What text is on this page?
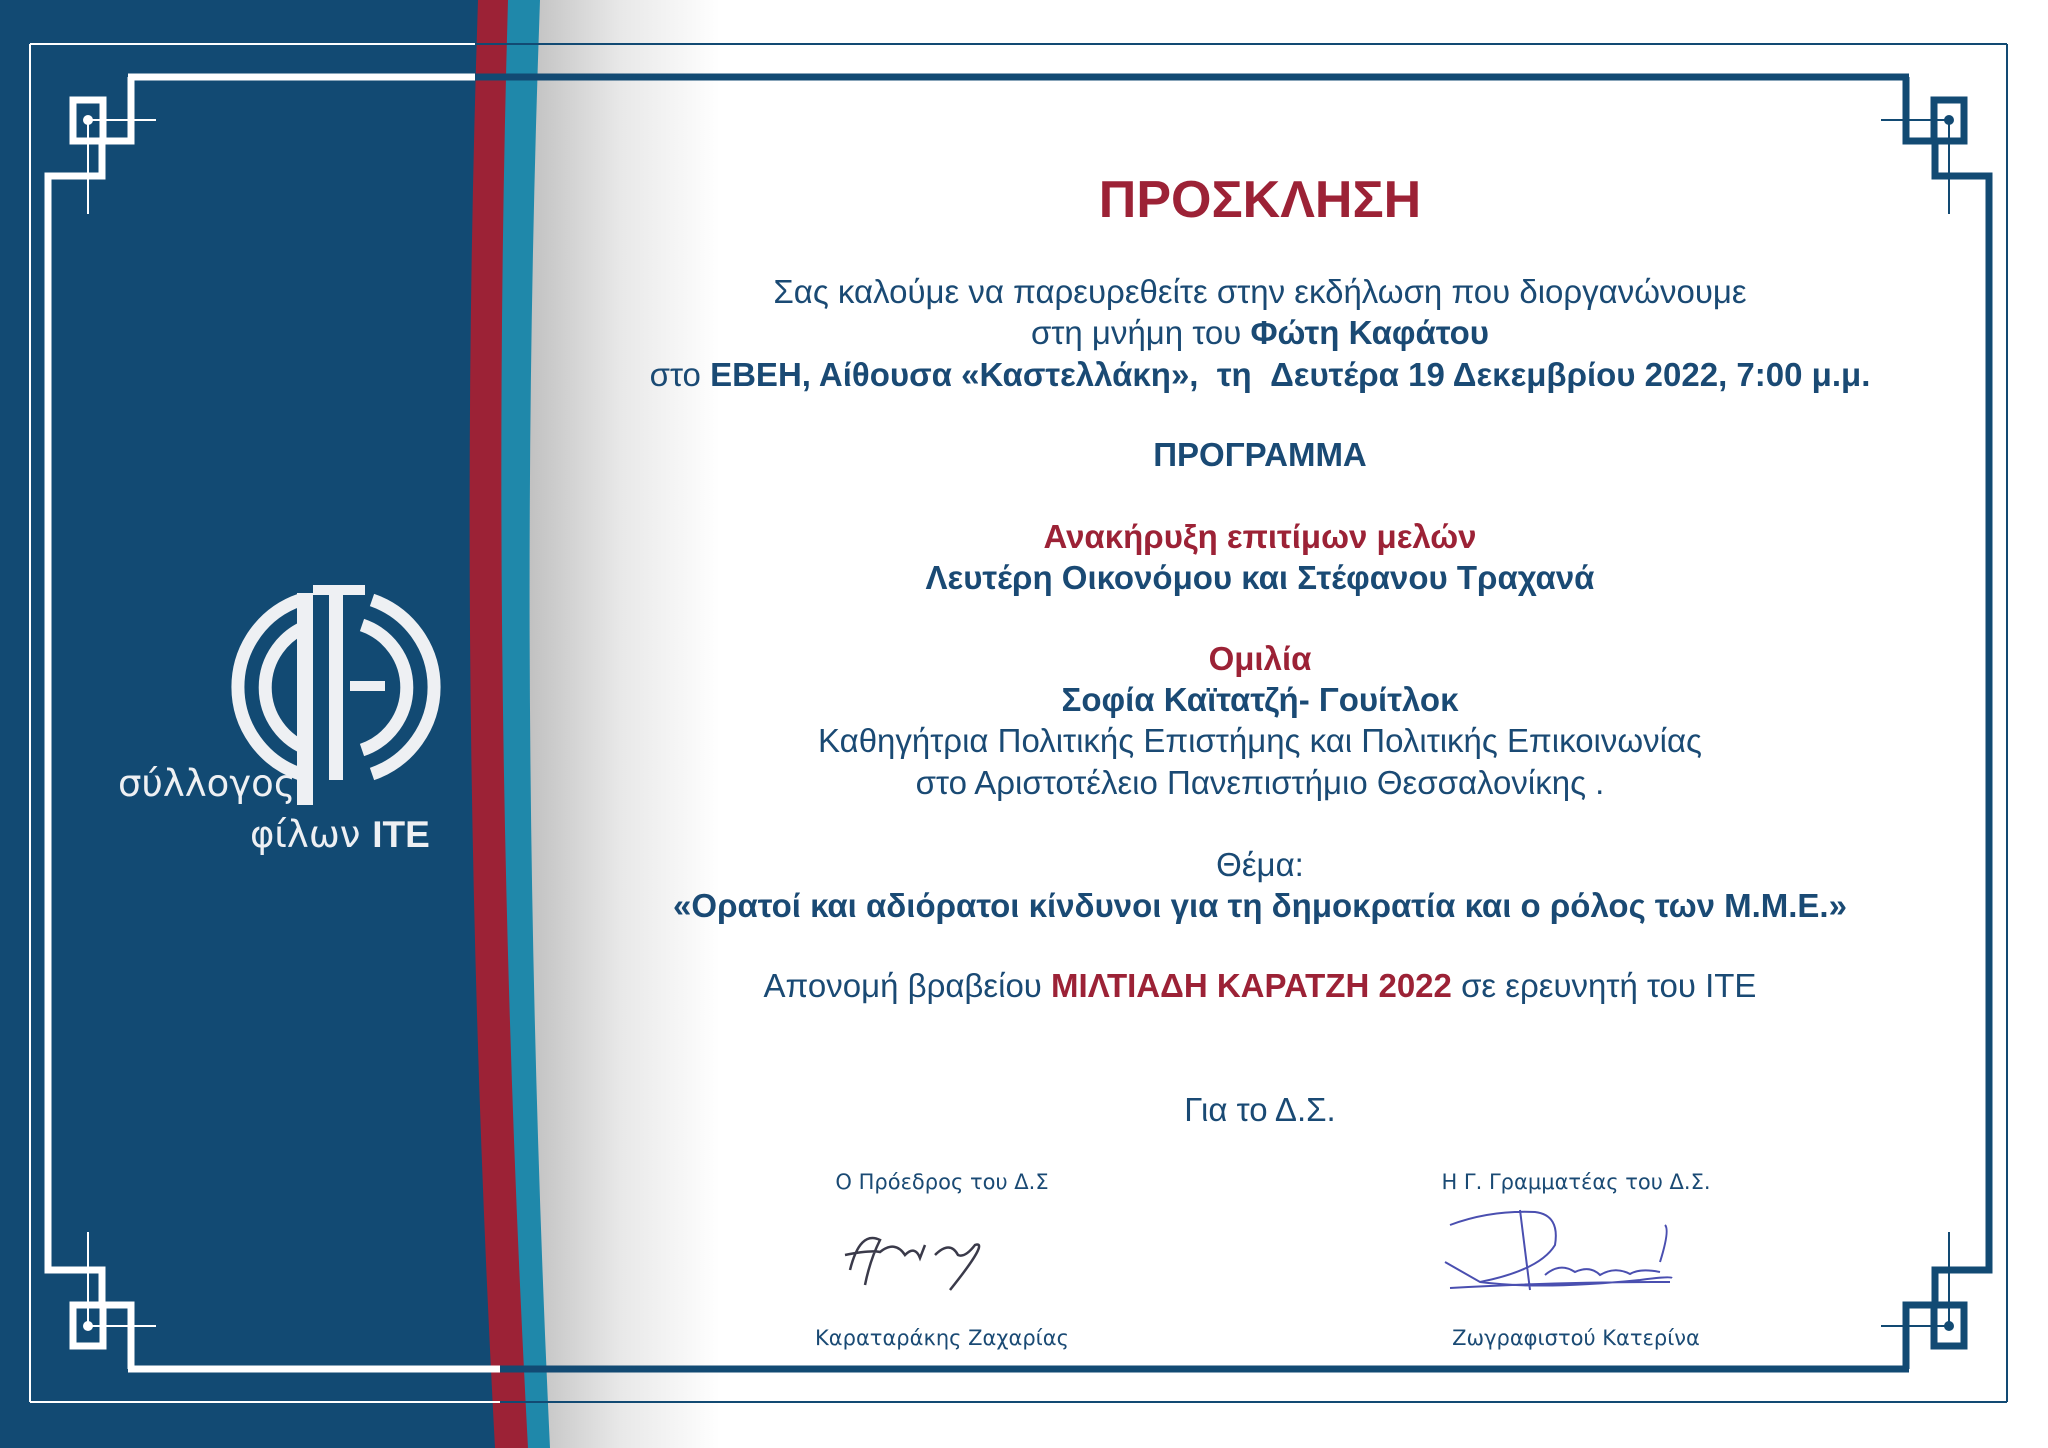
σύλλογος
φίλων ITE
ΠΡΟΣΚΛΗΣΗ
Σας καλούμε να παρευρεθείτε στην εκδήλωση που διοργανώνουμε
στη μνήμη του Φώτη Καφάτου
στο ΕΒΕΗ, Αίθουσα «Καστελλάκη», τη Δευτέρα 19 Δεκεμβρίου 2022, 7:00 μ.μ.
ΠΡΟΓΡΑΜΜΑ
Ανακήρυξη επιτίμων μελών
Λευτέρη Οικονόμου και Στέφανου Τραχανά
Ομιλία
Σοφία Καϊτατζή- Γουίτλοκ
Καθηγήτρια Πολιτικής Επιστήμης και Πολιτικής Επικοινωνίας
στο Αριστοτέλειο Πανεπιστήμιο Θεσσαλονίκης .
Θέμα:
«Ορατοί και αδιόρατοι κίνδυνοι για τη δημοκρατία και ο ρόλος των Μ.Μ.Ε.»
Απονομή βραβείου ΜΙΛΤΙΑΔΗ ΚΑΡΑΤΖΗ 2022 σε ερευνητή του ΙΤΕ
Για το Δ.Σ.
Ο Πρόεδρος του Δ.Σ
Καραταράκης Ζαχαρίας
Η Γ. Γραμματέας του Δ.Σ.
Ζωγραφιστού Κατερίνα
